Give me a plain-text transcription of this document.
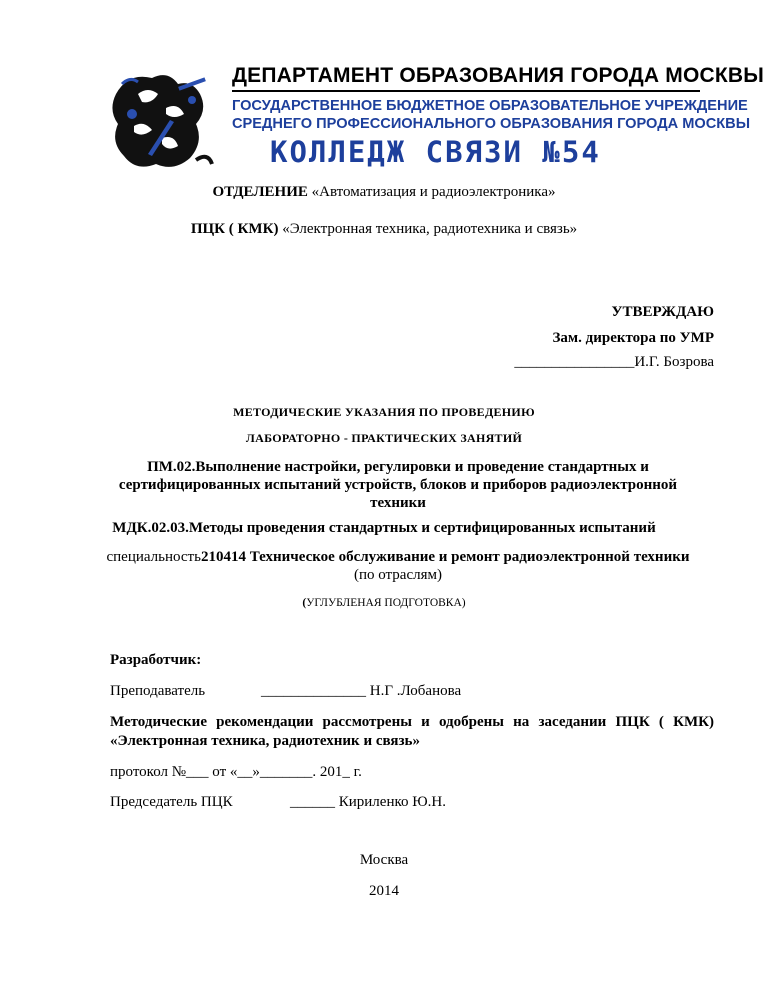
ДЕПАРТАМЕНТ ОБРАЗОВАНИЯ ГОРОДА МОСКВЫ
ГОСУДАРСТВЕННОЕ БЮДЖЕТНОЕ ОБРАЗОВАТЕЛЬНОЕ УЧРЕЖДЕНИЕ
СРЕДНЕГО ПРОФЕССИОНАЛЬНОГО ОБРАЗОВАНИЯ ГОРОДА МОСКВЫ
КОЛЛЕДЖ СВЯЗИ №54
ОТДЕЛЕНИЕ «Автоматизация и радиоэлектроника»
ПЦК ( КМК) «Электронная техника, радиотехника и связь»
УТВЕРЖДАЮ
Зам. директора по УМР
________________И.Г. Бозрова
МЕТОДИЧЕСКИЕ УКАЗАНИЯ ПО ПРОВЕДЕНИЮ
ЛАБОРАТОРНО - ПРАКТИЧЕСКИХ ЗАНЯТИЙ
ПМ.02.Выполнение настройки, регулировки и проведение стандартных и сертифицированных испытаний устройств, блоков и приборов радиоэлектронной техники
МДК.02.03.Методы проведения стандартных и сертифицированных испытаний
специальность210414 Техническое обслуживание и ремонт радиоэлектронной техники (по отраслям)
(УГЛУБЛЕНАЯ ПОДГОТОВКА)
Разработчик:
Преподаватель	______________ Н.Г .Лобанова
Методические рекомендации рассмотрены и одобрены на заседании ПЦК ( КМК) «Электронная техника, радиотехник и связь»
протокол №___ от «__»_______. 201_ г.
Председатель ПЦК	______ Кириленко Ю.Н.
Москва
2014
